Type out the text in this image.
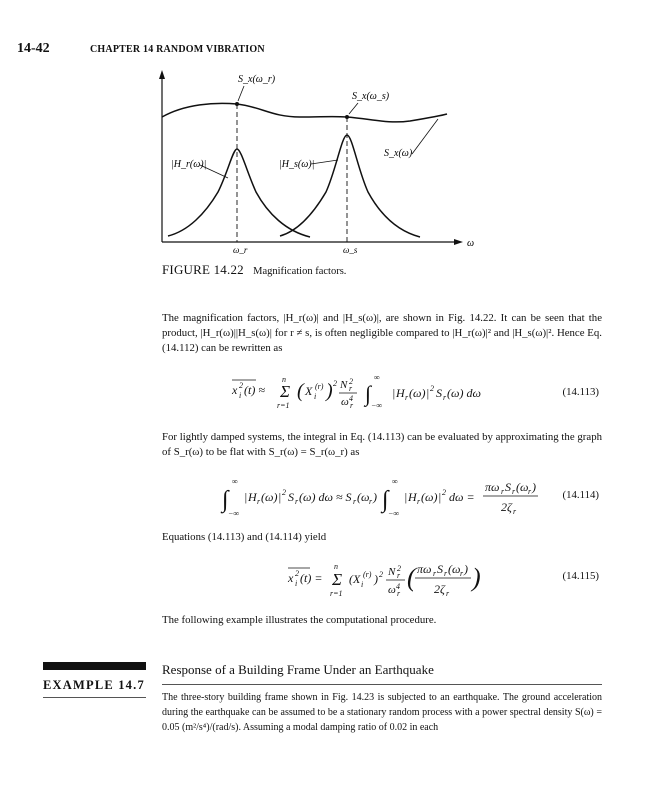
14-42	CHAPTER 14 RANDOM VIBRATION
S_x(ω_r)
S_x(ω_s)
S_x(ω)
|H_r(ω)|	|H_s(ω)|
ω_r	ω_s
ω
FIGURE 14.22 Magnification factors.
The magnification factors, |H_r(ω)| and |H_s(ω)|, are shown in Fig. 14.22. It can be seen that the product, |H_r(ω)||H_s(ω)| for r ≠ s, is often negligible compared to |H_r(ω)|² and |H_s(ω)|². Hence Eq. (14.112) can be rewritten as
x 2
i (t) ≈ Σ
n
r=1
( X (r)
i ) 2 N 2
r
ω 4
r ∫
∞
−∞
| H r (ω) | 2 S r (ω) dω	(14.113)
For lightly damped systems, the integral in Eq. (14.113) can be evaluated by approximating the graph of S_r(ω) to be flat with S_r(ω) = S_r(ω_r) as
∫
∞
−∞
| H r (ω) | 2 S r (ω) dω ≈ S r (ω r ) ∫
∞
−∞
| H r (ω) | 2 dω =
πω r S r (ω r )
2 ζ r
(14.114)
Equations (14.113) and (14.114) yield
x 2
i (t) = Σ
n
r=1
(X (r)
i ) 2 N 2
r
ω 4
r
( πω r S r (ω r )
2 ζ r
)	(14.115)
The following example illustrates the computational procedure.
EXAMPLE 14.7
Response of a Building Frame Under an Earthquake
The three-story building frame shown in Fig. 14.23 is subjected to an earthquake. The ground acceleration during the earthquake can be assumed to be a stationary random process with a power spectral density S(ω) = 0.05 (m²/s⁴)/(rad/s). Assuming a modal damping ratio of 0.02 in each
